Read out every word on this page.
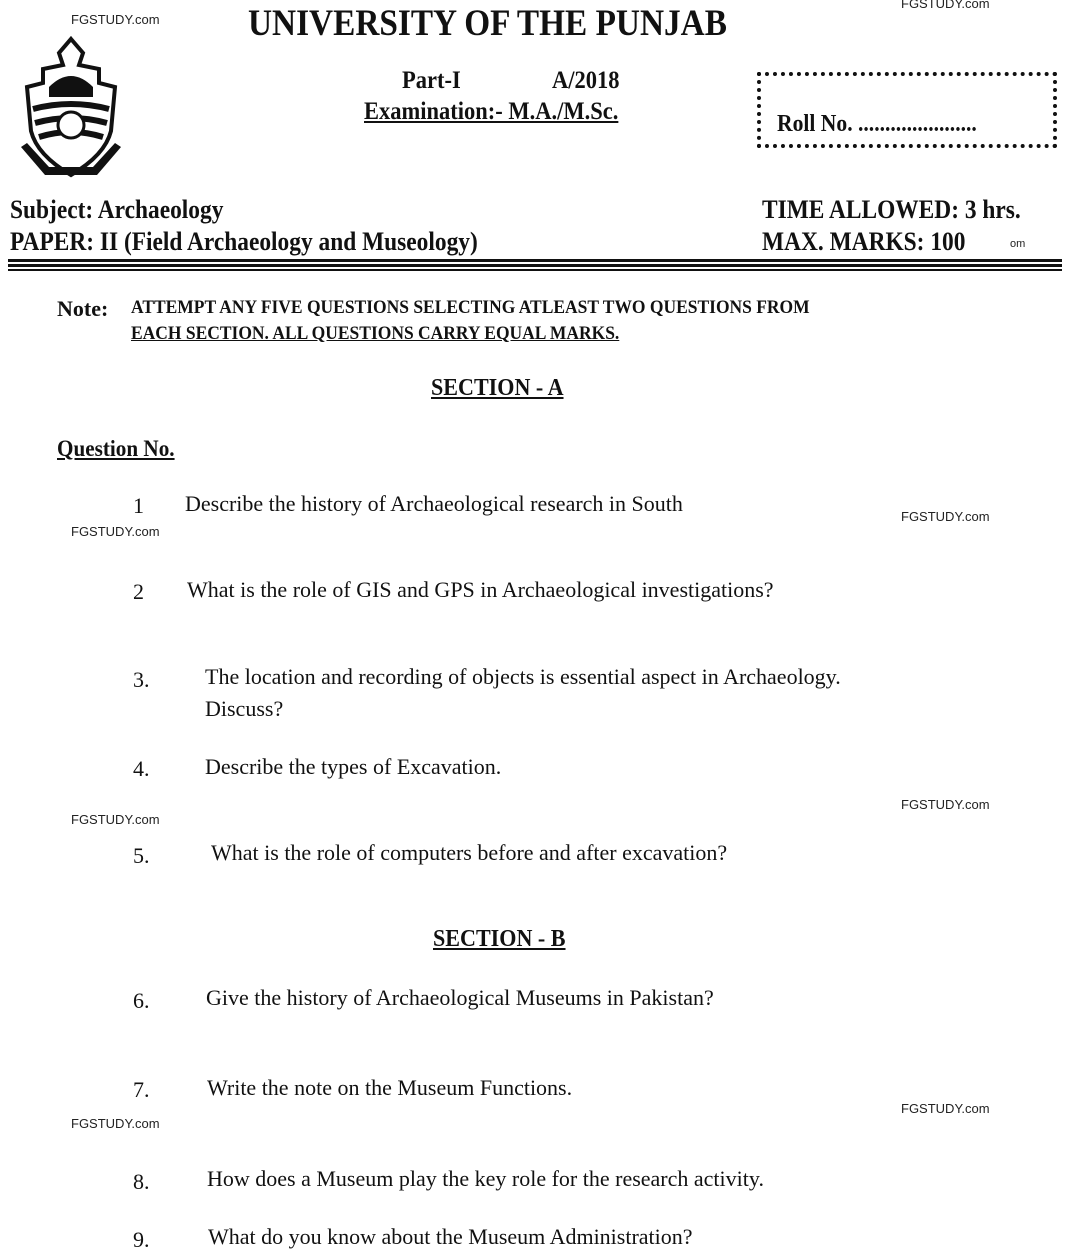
FGSTUDY.com
FGSTUDY.com
UNIVERSITY OF THE PUNJAB
Part-I	A/2018
Examination:- M.A./M.Sc.	Roll No. ......................
Subject: Archaeology
PAPER: II (Field Archaeology and Museology)
TIME ALLOWED: 3 hrs.
MAX. MARKS: 100	om
Note: ATTEMPT ANY FIVE QUESTIONS SELECTING ATLEAST TWO QUESTIONS FROM
EACH SECTION. ALL QUESTIONS CARRY EQUAL MARKS.
SECTION - A
Question No.
1 Describe the history of Archaeological research in South
FGSTUDY.com
FGSTUDY.com
2 What is the role of GIS and GPS in Archaeological investigations?
3.	The location and recording of objects is essential aspect in Archaeology.
Discuss?
4.	Describe the types of Excavation.
FGSTUDY.com
FGSTUDY.com
5.	What is the role of computers before and after excavation?
SECTION - B
6.	Give the history of Archaeological Museums in Pakistan?
7.	Write the note on the Museum Functions.
FGSTUDY.com
FGSTUDY.com
8.	How does a Museum play the key role for the research activity.
9.	What do you know about the Museum Administration?
